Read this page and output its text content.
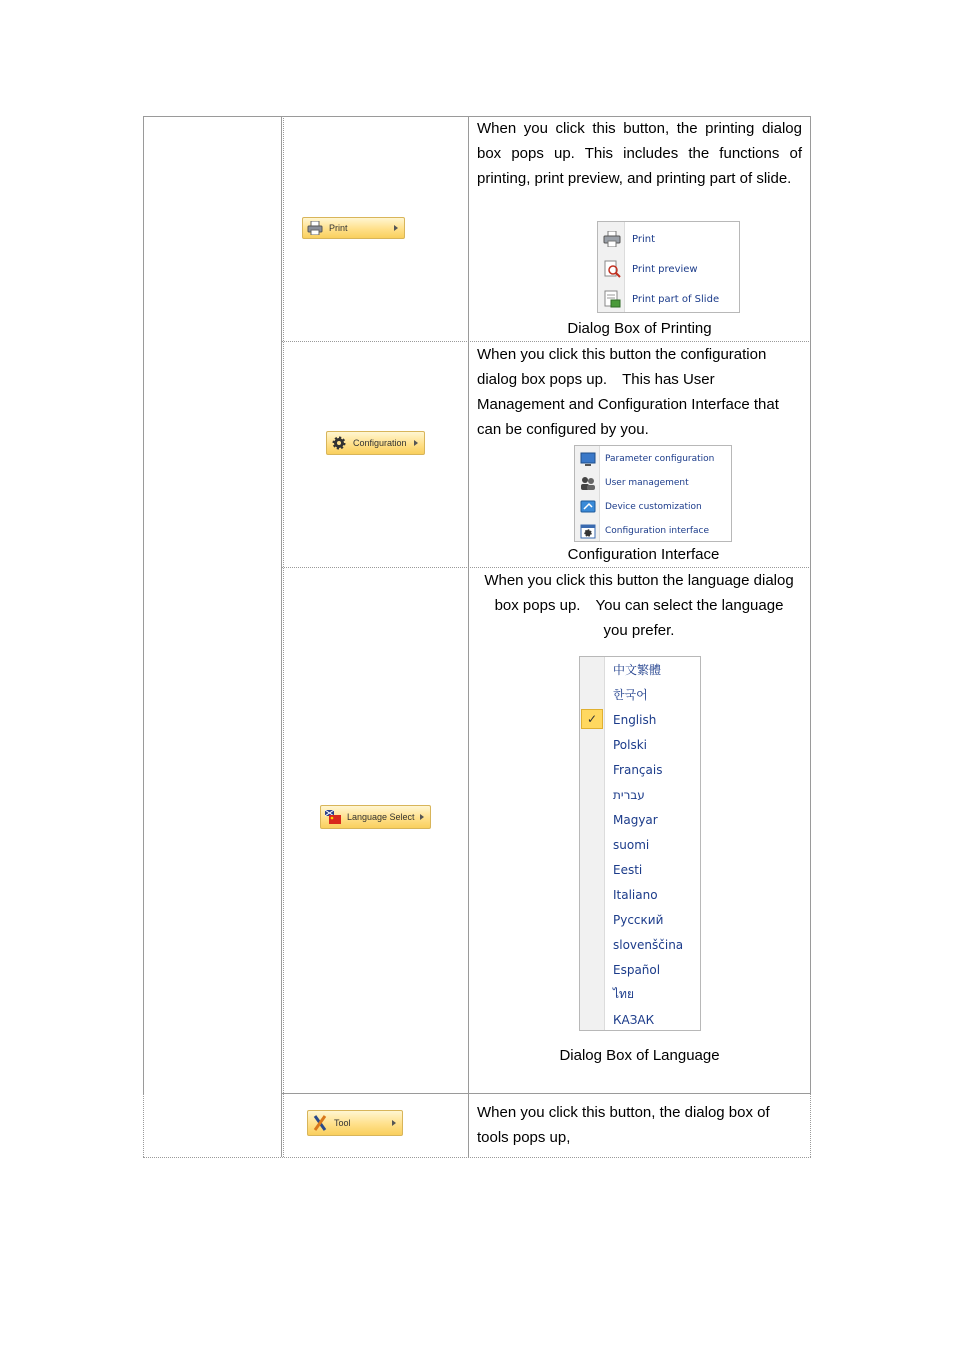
Print
When you click this button, the printing dialog box pops up. This includes the functions of printing, print preview, and printing part of slide.
Print
Print preview
Print part of Slide
Dialog Box of Printing
Configuration
When you click this button the configuration dialog box pops up.　This has User Management and Configuration Interface that can be configured by you.
Parameter configuration
User management
Device customization
Configuration interface
Configuration Interface
Language Select
When you click this button the language dialog box pops up.　You can select the language you prefer.
中文繁體
한국어
✓	English
Polski
Français
עברית
Magyar
suomi
Eesti
Italiano
Русский
slovenščina
Español
ไทย
КАЗАК
Dialog Box of Language
Tool
When you click this button, the dialog box of tools pops up,
